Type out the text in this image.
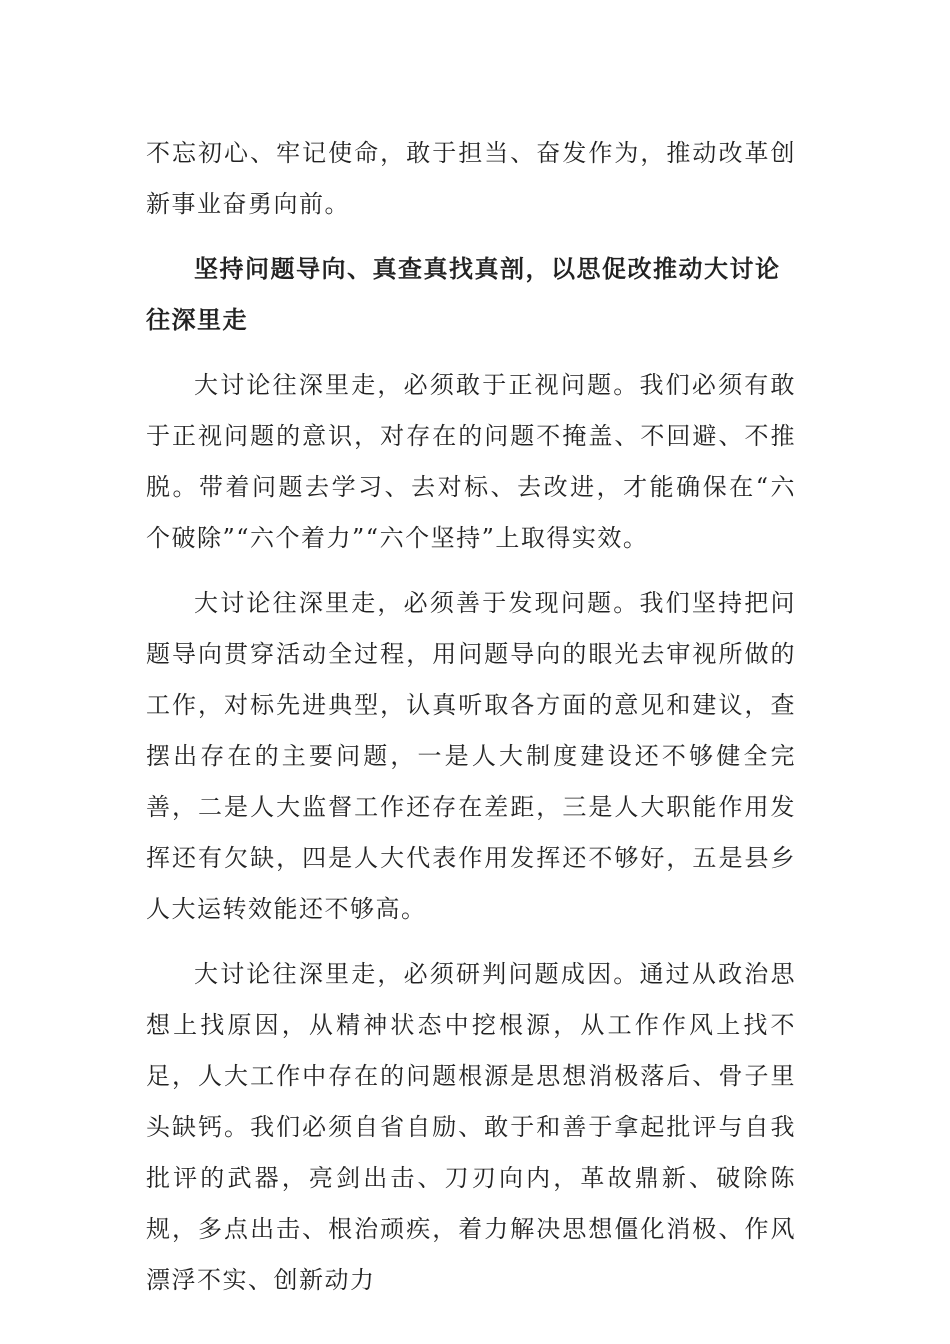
不忘初心、牢记使命，敢于担当、奋发作为，推动改革创新事业奋勇向前。

坚持问题导向、真查真找真剖，以思促改推动大讨论往深里走

大讨论往深里走，必须敢于正视问题。我们必须有敢于正视问题的意识，对存在的问题不掩盖、不回避、不推脱。带着问题去学习、去对标、去改进，才能确保在“六个破除”“六个着力”“六个坚持”上取得实效。

大讨论往深里走，必须善于发现问题。我们坚持把问题导向贯穿活动全过程，用问题导向的眼光去审视所做的工作，对标先进典型，认真听取各方面的意见和建议，查摆出存在的主要问题，一是人大制度建设还不够健全完善，二是人大监督工作还存在差距，三是人大职能作用发挥还有欠缺，四是人大代表作用发挥还不够好，五是县乡人大运转效能还不够高。

大讨论往深里走，必须研判问题成因。通过从政治思想上找原因，从精神状态中挖根源，从工作作风上找不足，人大工作中存在的问题根源是思想消极落后、骨子里头缺钙。我们必须自省自励、敢于和善于拿起批评与自我批评的武器，亮剑出击、刀刃向内，革故鼎新、破除陈规，多点出击、根治顽疾，着力解决思想僵化消极、作风漂浮不实、创新动力
